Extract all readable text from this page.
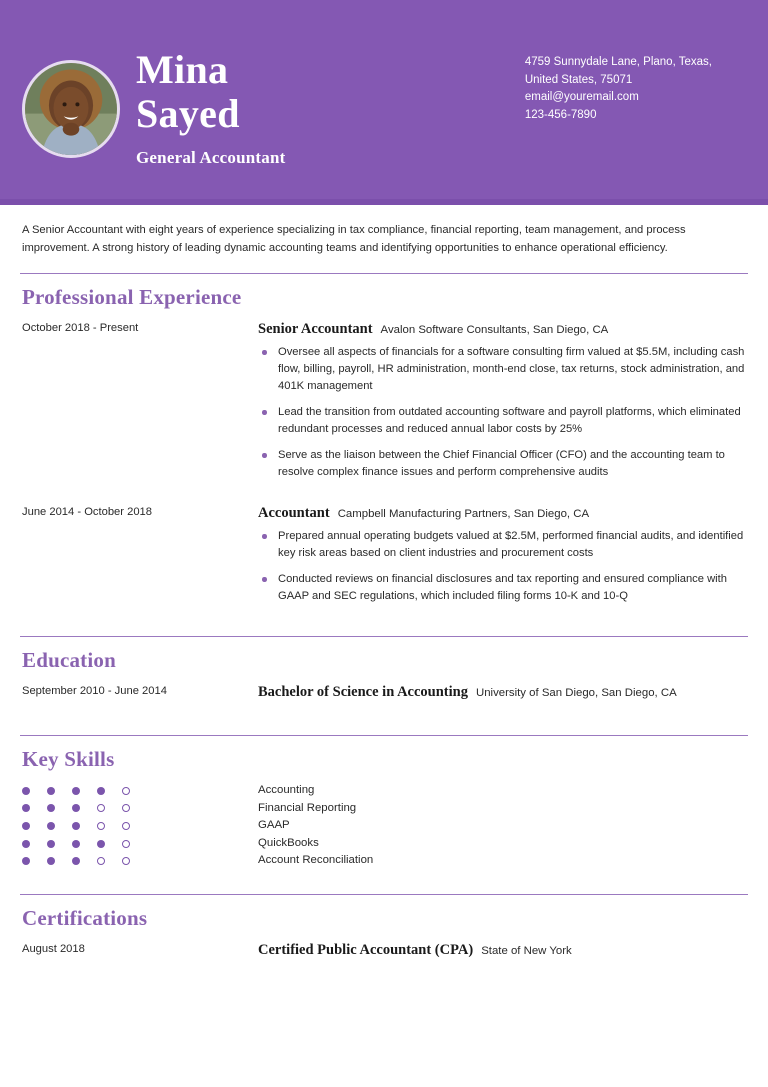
Mina
Sayed
General Accountant
4759 Sunnydale Lane, Plano, Texas,
United States, 75071
email@youremail.com
123-456-7890

A Senior Accountant with eight years of experience specializing in tax compliance, financial reporting, team management, and process improvement. A strong history of leading dynamic accounting teams and identifying opportunities to enhance operational efficiency.

Professional Experience
October 2018 - Present	Senior Accountant Avalon Software Consultants, San Diego, CA
Oversee all aspects of financials for a software consulting firm valued at $5.5M, including cash flow, billing, payroll, HR administration, month-end close, tax returns, stock administration, and 401K management
Lead the transition from outdated accounting software and payroll platforms, which eliminated redundant processes and reduced annual labor costs by 25%
Serve as the liaison between the Chief Financial Officer (CFO) and the accounting team to resolve complex finance issues and perform comprehensive audits
June 2014 - October 2018	Accountant Campbell Manufacturing Partners, San Diego, CA
Prepared annual operating budgets valued at $2.5M, performed financial audits, and identified key risk areas based on client industries and procurement costs
Conducted reviews on financial disclosures and tax reporting and ensured compliance with GAAP and SEC regulations, which included filing forms 10-K and 10-Q
Education
September 2010 - June 2014	Bachelor of Science in Accounting University of San Diego, San Diego, CA
Key Skills
Accounting
Financial Reporting
GAAP
QuickBooks
Account Reconciliation
Certifications
August 2018	Certified Public Accountant (CPA) State of New York
